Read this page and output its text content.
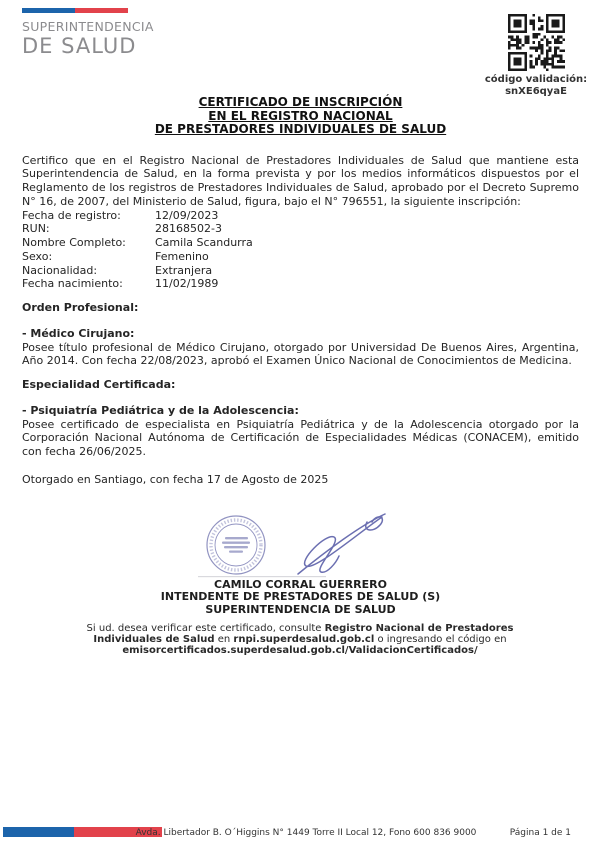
SUPERINTENDENCIA
DE SALUD
código validación:
snXE6qyaE
CERTIFICADO DE INSCRIPCIÓN
EN EL REGISTRO NACIONAL
DE PRESTADORES INDIVIDUALES DE SALUD

Certifico que en el Registro Nacional de Prestadores Individuales de Salud que mantiene esta Superintendencia de Salud, en la forma prevista y por los medios informáticos dispuestos por el Reglamento de los registros de Prestadores Individuales de Salud, aprobado por el Decreto Supremo N° 16, de 2007, del Ministerio de Salud, figura, bajo el N° 796551, la siguiente inscripción:

Fecha de registro:	12/09/2023
RUN:	28168502-3
Nombre Completo:	Camila Scandurra
Sexo:	Femenino
Nacionalidad:	Extranjera
Fecha nacimiento:	11/02/1989
Orden Profesional:
- Médico Cirujano:

Posee título profesional de Médico Cirujano, otorgado por Universidad De Buenos Aires, Argentina, Año 2014. Con fecha 22/08/2023, aprobó el Examen Único Nacional de Conocimientos de Medicina.

Especialidad Certificada:
- Psiquiatría Pediátrica y de la Adolescencia:

Posee certificado de especialista en Psiquiatría Pediátrica y de la Adolescencia otorgado por la Corporación Nacional Autónoma de Certificación de Especialidades Médicas (CONACEM), emitido con fecha 26/06/2025.

Otorgado en Santiago, con fecha 17 de Agosto de 2025
CAMILO CORRAL GUERRERO
INTENDENTE DE PRESTADORES DE SALUD (S)
SUPERINTENDENCIA DE SALUD
Si ud. desea verificar este certificado, consulte Registro Nacional de Prestadores Individuales de Salud en rnpi.superdesalud.gob.cl o ingresando el código en emisorcertificados.superdesalud.gob.cl/ValidacionCertificados/
Avda. Libertador B. O´Higgins N° 1449 Torre II Local 12, Fono 600 836 9000	Página 1 de 1
